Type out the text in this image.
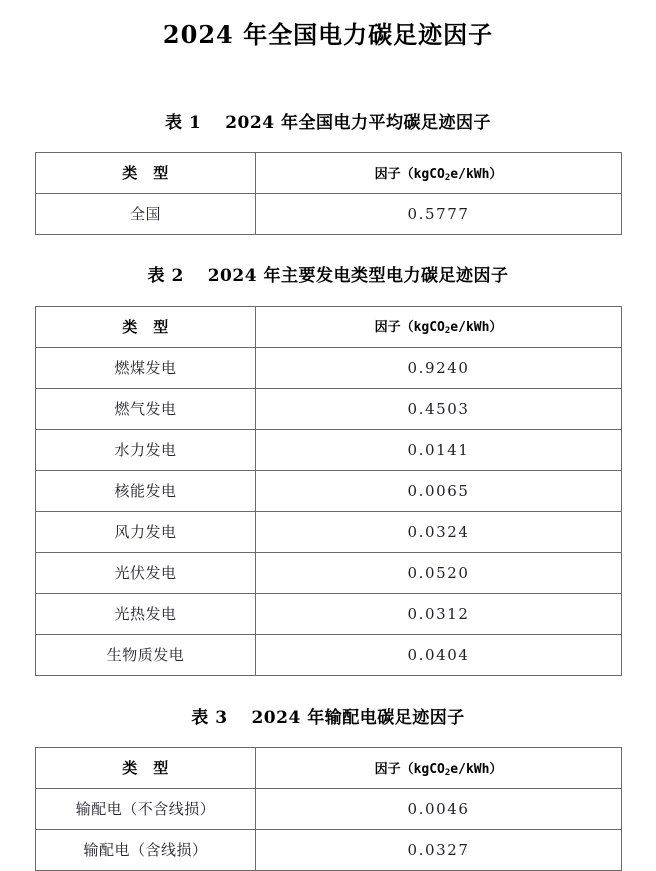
2024 年全国电力碳足迹因子
表 1　 2024 年全国电力平均碳足迹因子
类　型	因子（kgCO$_2$e/kWh）
全国	0.5777
表 2　 2024 年主要发电类型电力碳足迹因子
类　型	因子（kgCO$_2$e/kWh）
燃煤发电	0.9240
燃气发电	0.4503
水力发电	0.0141
核能发电	0.0065
风力发电	0.0324
光伏发电	0.0520
光热发电	0.0312
生物质发电	0.0404
表 3　 2024 年输配电碳足迹因子
类　型	因子（kgCO$_2$e/kWh）
输配电（不含线损）	0.0046
输配电（含线损）	0.0327
